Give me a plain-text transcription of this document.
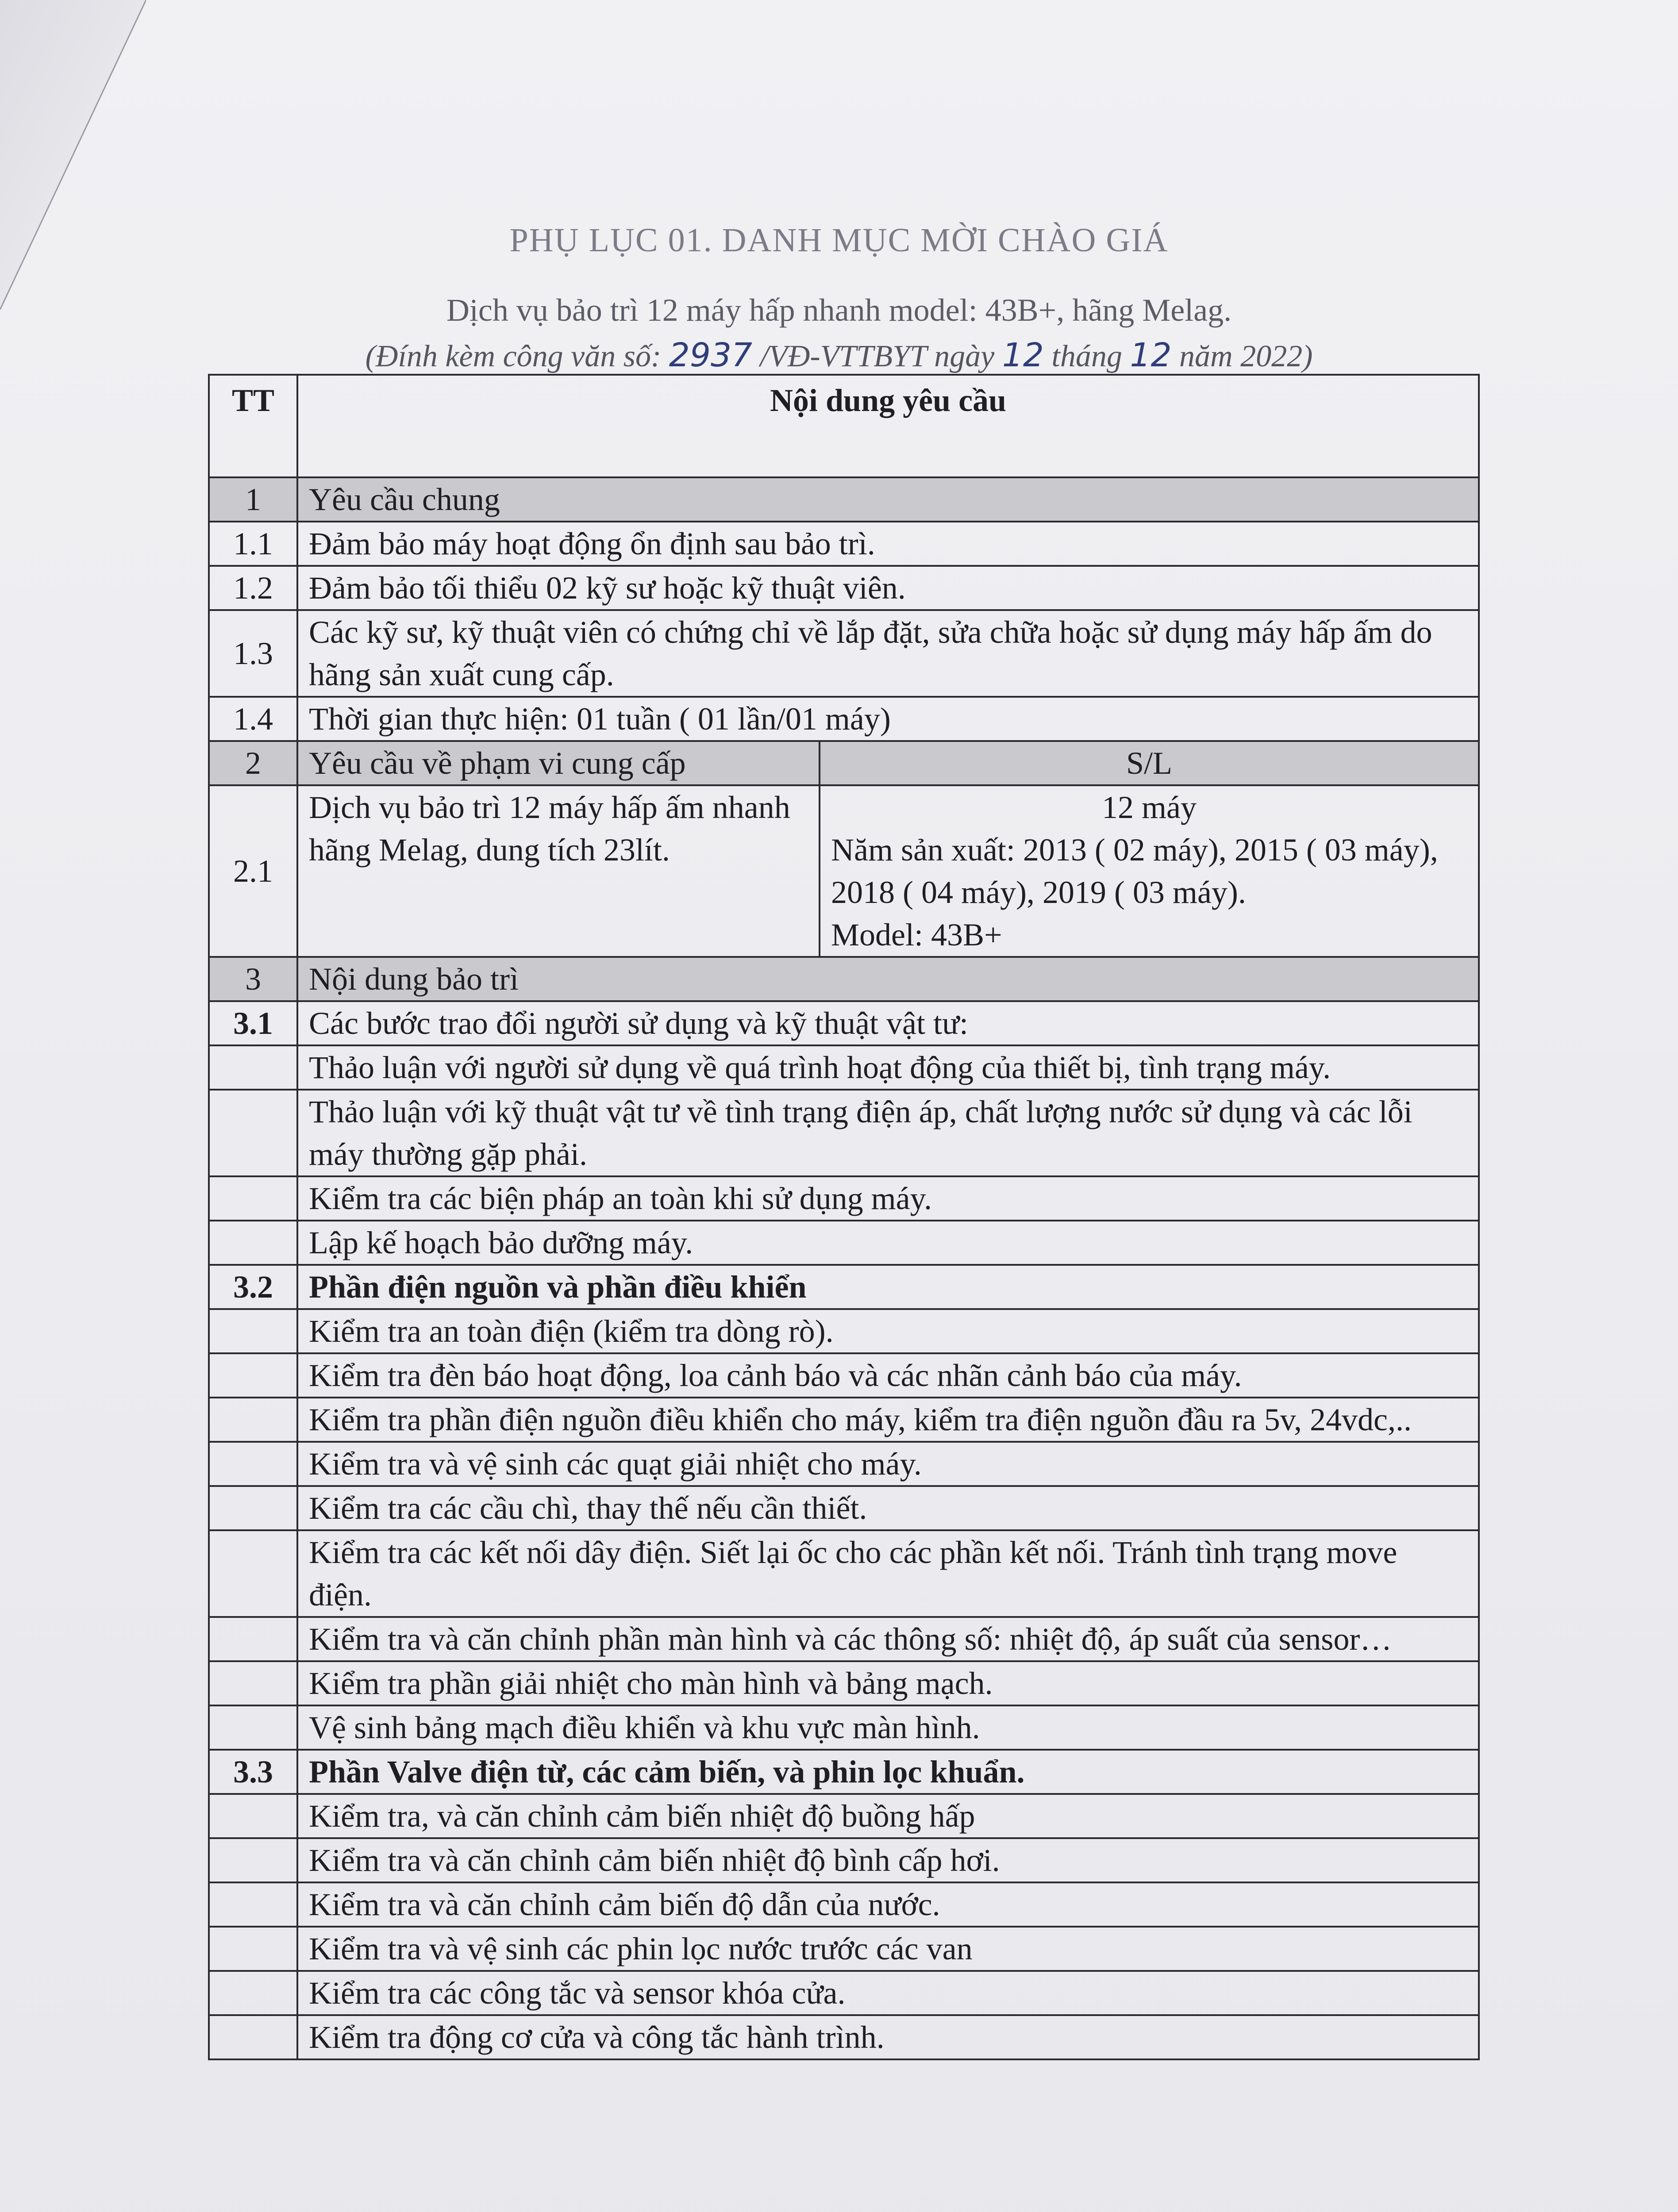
PHỤ LỤC 01. DANH MỤC MỜI CHÀO GIÁ
Dịch vụ bảo trì 12 máy hấp nhanh model: 43B+, hãng Melag.
(Đính kèm công văn số: 2937 /VĐ-VTTBYT ngày 12 tháng 12 năm 2022)
TT	Nội dung yêu cầu	
1	Yêu cầu chung	
1.1	Đảm bảo máy hoạt động ổn định sau bảo trì.	
1.2	Đảm bảo tối thiểu 02 kỹ sư hoặc kỹ thuật viên.	
1.3	Các kỹ sư, kỹ thuật viên có chứng chỉ về lắp đặt, sửa chữa hoặc sử dụng máy hấp ấm do hãng sản xuất cung cấp.	
1.4	Thời gian thực hiện: 01 tuần ( 01 lần/01 máy)	
2	Yêu cầu về phạm vi cung cấp	S/L
2.1	Dịch vụ bảo trì 12 máy hấp ấm nhanh hãng Melag, dung tích 23lít.	12 máy
Năm sản xuất: 2013 ( 02 máy), 2015 ( 03 máy), 2018 ( 04 máy), 2019 ( 03 máy).
Model: 43B+

3	Nội dung bảo trì	
3.1	Các bước trao đổi người sử dụng và kỹ thuật vật tư:	
	Thảo luận với người sử dụng về quá trình hoạt động của thiết bị, tình trạng máy.	
	Thảo luận với kỹ thuật vật tư về tình trạng điện áp, chất lượng nước sử dụng và các lỗi máy thường gặp phải.	
	Kiểm tra các biện pháp an toàn khi sử dụng máy.	
	Lập kế hoạch bảo dưỡng máy.	
3.2	Phần điện nguồn và phần điều khiển	
	Kiểm tra an toàn điện (kiểm tra dòng rò).	
	Kiểm tra đèn báo hoạt động, loa cảnh báo và các nhãn cảnh báo của máy.	
	Kiểm tra phần điện nguồn điều khiển cho máy, kiểm tra điện nguồn đầu ra 5v, 24vdc,..	
	Kiểm tra và vệ sinh các quạt giải nhiệt cho máy.	
	Kiểm tra các cầu chì, thay thế nếu cần thiết.	
	Kiểm tra các kết nối dây điện. Siết lại ốc cho các phần kết nối. Tránh tình trạng move điện.	
	Kiểm tra và căn chỉnh phần màn hình và các thông số: nhiệt độ, áp suất của sensor…	
	Kiểm tra phần giải nhiệt cho màn hình và bảng mạch.	
	Vệ sinh bảng mạch điều khiển và khu vực màn hình.	
3.3	Phần Valve điện từ, các cảm biến, và phin lọc khuẩn.	
	Kiểm tra, và căn chỉnh cảm biến nhiệt độ buồng hấp	
	Kiểm tra và căn chỉnh cảm biến nhiệt độ bình cấp hơi.	
	Kiểm tra và căn chỉnh cảm biến độ dẫn của nước.	
	Kiểm tra và vệ sinh các phin lọc nước trước các van	
	Kiểm tra các công tắc và sensor khóa cửa.	
	Kiểm tra động cơ cửa và công tắc hành trình.	
